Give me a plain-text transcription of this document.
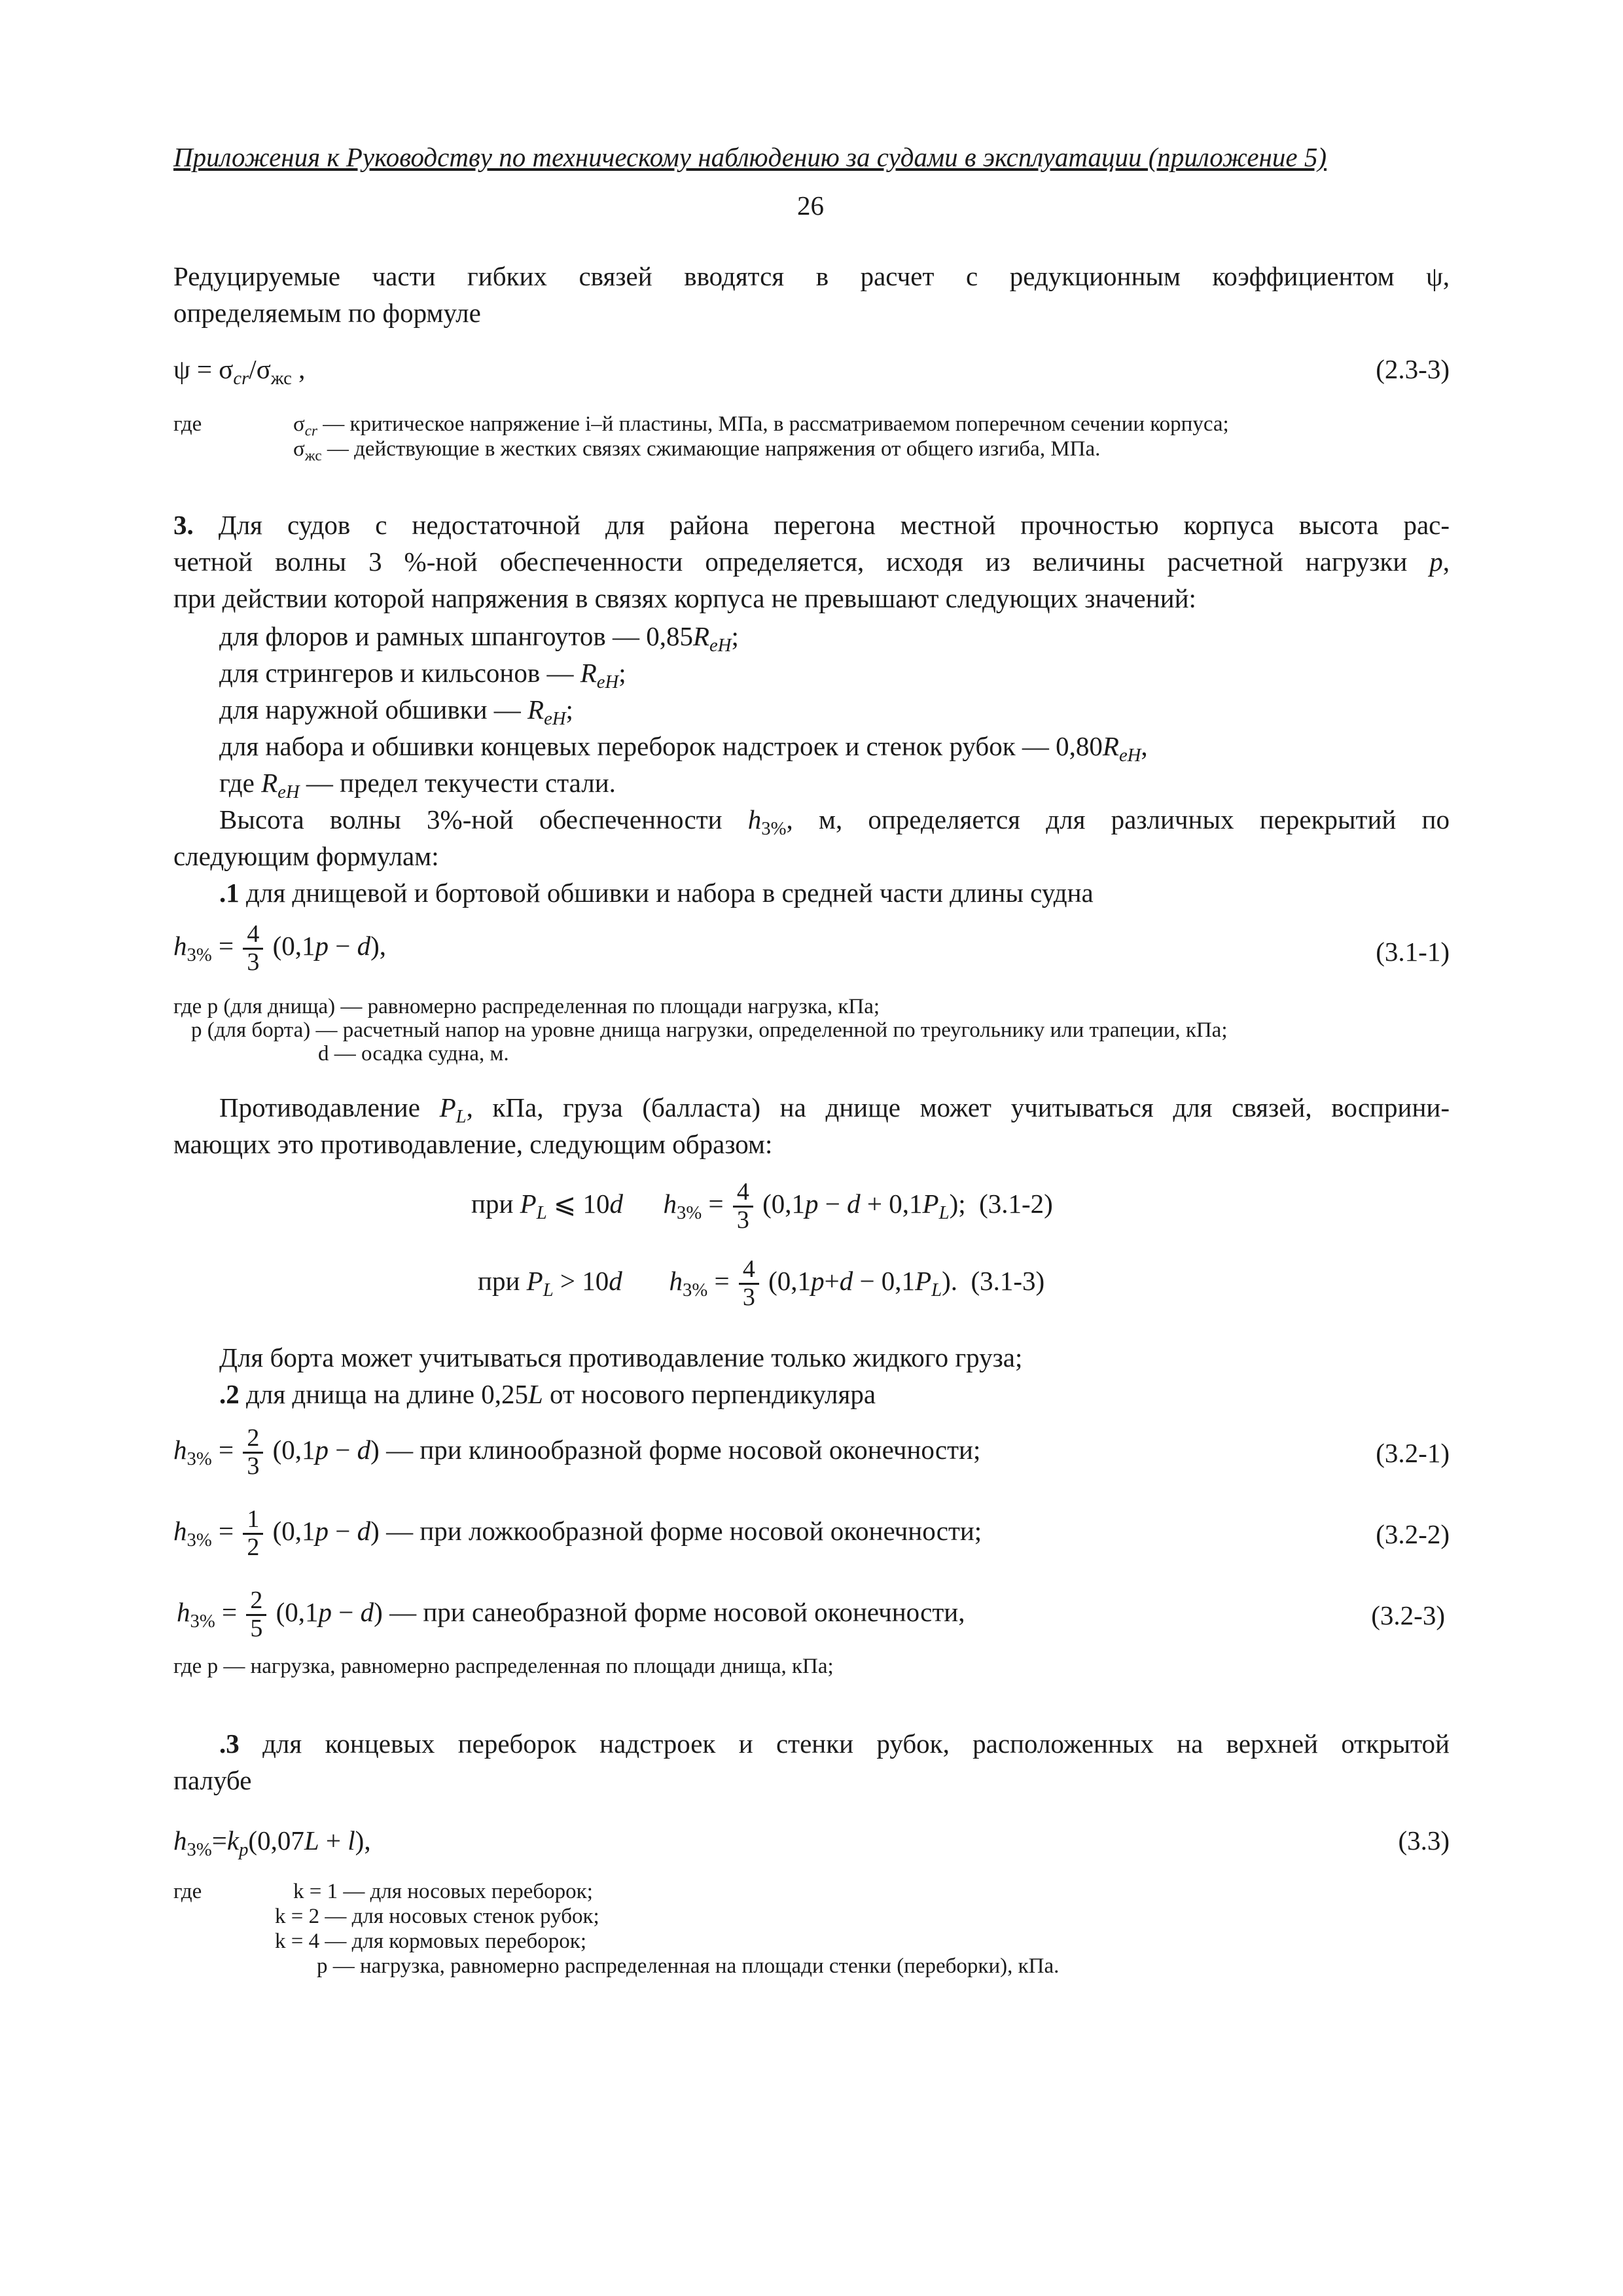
Приложения к Руководству по техническому наблюдению за судами в эксплуатации (приложение 5)
26
Редуцируемые части гибких связей вводятся в расчет с редукционным коэффициентом ψ,
определяемым по формуле
$\psi = \sigma_{cr}/\sigma_{жс}$ ,	(2.3-3)
где	$\sigma_{cr}$ — критическое напряжение i–й пластины, МПа, в рассматриваемом поперечном сечении корпуса;
$\sigma_{жс}$ — действующие в жестких связях сжимающие напряжения от общего изгиба, МПа.
3. Для судов с недостаточной для района перегона местной прочностью корпуса высота рас-
четной волны 3 %-ной обеспеченности определяется, исходя из величины расчетной нагрузки p,
при действии которой напряжения в связях корпуса не превышают следующих значений:
для флоров и рамных шпангоутов — $0,85R_{eH}$;
для стрингеров и кильсонов — $R_{eH}$;
для наружной обшивки — $R_{eH}$;
для набора и обшивки концевых переборок надстроек и стенок рубок — $0,80R_{eH}$,
где $R_{eH}$ — предел текучести стали.
Высота волны 3%-ной обеспеченности $h_{3\%}$, м, определяется для различных перекрытий по
следующим формулам:
.1 для днищевой и бортовой обшивки и набора в средней части длины судна
$h_{3\%} = \frac{4}{3} (0,1p - d)$,	(3.1-1)
где p (для днища) — равномерно распределенная по площади нагрузка, кПа;
p (для борта) — расчетный напор на уровне днища нагрузки, определенной по треугольнику или трапеции, кПа;
d — осадка судна, м.
Противодавление $P_L$, кПа, груза (балласта) на днище может учитываться для связей, восприни-
мающих это противодавление, следующим образом:
при $P_L$ ⩽ 10d $h_{3\%} = \frac{4}{3} (0,1p - d + 0,1P_L)$;  (3.1-2)
при $P_L > 10d$ $h_{3\%} = \frac{4}{3} (0,1p+d - 0,1P_L)$.  (3.1-3)
Для борта может учитываться противодавление только жидкого груза;
.2 для днища на длине 0,25L от носового перпендикуляра
$h_{3\%} = \frac{2}{3} (0,1p - d)$ — при клинообразной форме носовой оконечности;	(3.2-1)
$h_{3\%} = \frac{1}{2} (0,1p - d)$ — при ложкообразной форме носовой оконечности;	(3.2-2)
$h_{3\%} = \frac{2}{5} (0,1p - d)$ — при санеобразной форме носовой оконечности,	(3.2-3)
где p — нагрузка, равномерно распределенная по площади днища, кПа;
.3 для концевых переборок надстроек и стенки рубок, расположенных на верхней открытой
палубе
$h_{3\%}=k_p(0,07L + l)$,	(3.3)
где	k = 1 — для носовых переборок;
k = 2 — для носовых стенок рубок;
k = 4 — для кормовых переборок;
p — нагрузка, равномерно распределенная на площади стенки (переборки), кПа.
